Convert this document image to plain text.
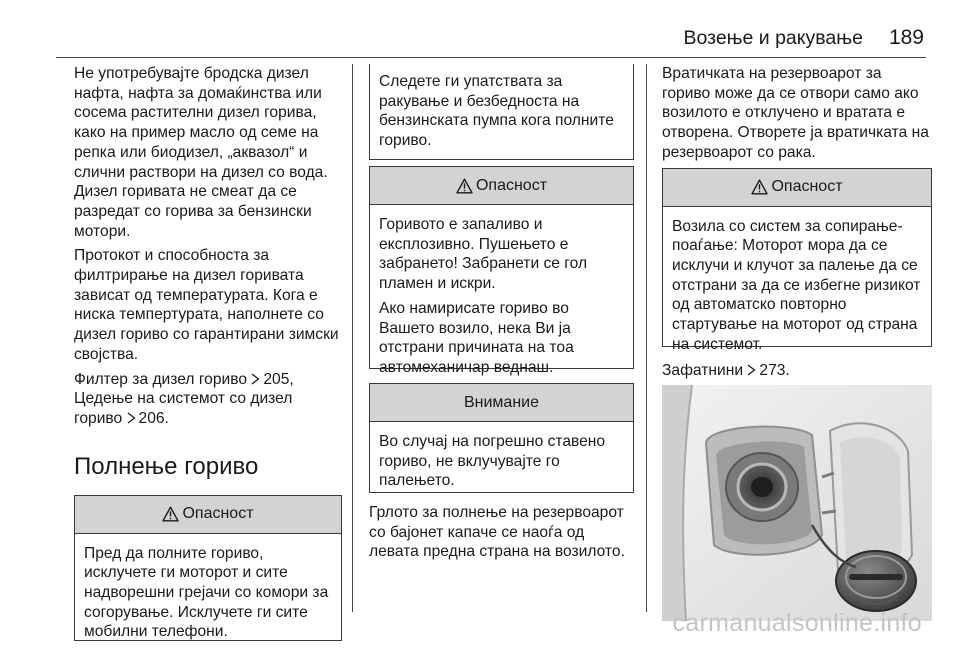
Возење и ракување 189

Не употребувајте бродска дизел нафта, нафта за домаќинства или сосема растителни дизел горива, како на пример масло од семе на репка или биодизел, „аквазол“ и слични раствори на дизел со вода. Дизел горивата не смеат да се разредат со горива за бензински мотори.

Протокот и способноста за филтрирање на дизел горивата зависат од температурата. Кога е ниска темпертурата, наполнете со дизел гориво со гарантирани зимски својства.

Филтер за дизел гориво 205,
Цедење на системот со дизел гориво 206.

Полнење гориво
Опасност

Пред да полните гориво, исклучете ги моторот и сите надворешни грејачи со комори за согорување. Исклучете ги сите мобилни телефони.

Следете ги упатствата за ракување и безбедноста на бензинската пумпа кога полните гориво.

Опасност

Горивото е запаливо и експлозивно. Пушењето е забрането! Забранети се гол пламен и искри.

Ако намирисате гориво во Вашето возило, нека Ви ја отстрани причината на тоа автомеханичар веднаш.

Внимание

Во случај на погрешно ставено гориво, не вклучувајте го палењето.

Грлото за полнење на резервоарот со бајонет капаче се наоѓа од левата предна страна на возилото.

Вратичката на резервоарот за гориво може да се отвори само ако возилото е отклучено и вратата е отворена. Отворете ја вратичката на резервоарот со рака.

Опасност

Возила со систем за сопирање-поаѓање: Моторот мора да се исклучи и клучот за палење да се отстрани за да се избегне ризикот од автоматско повторно стартување на моторот од страна на системот.

Зафатнини 273.

carmanualsonline.info
